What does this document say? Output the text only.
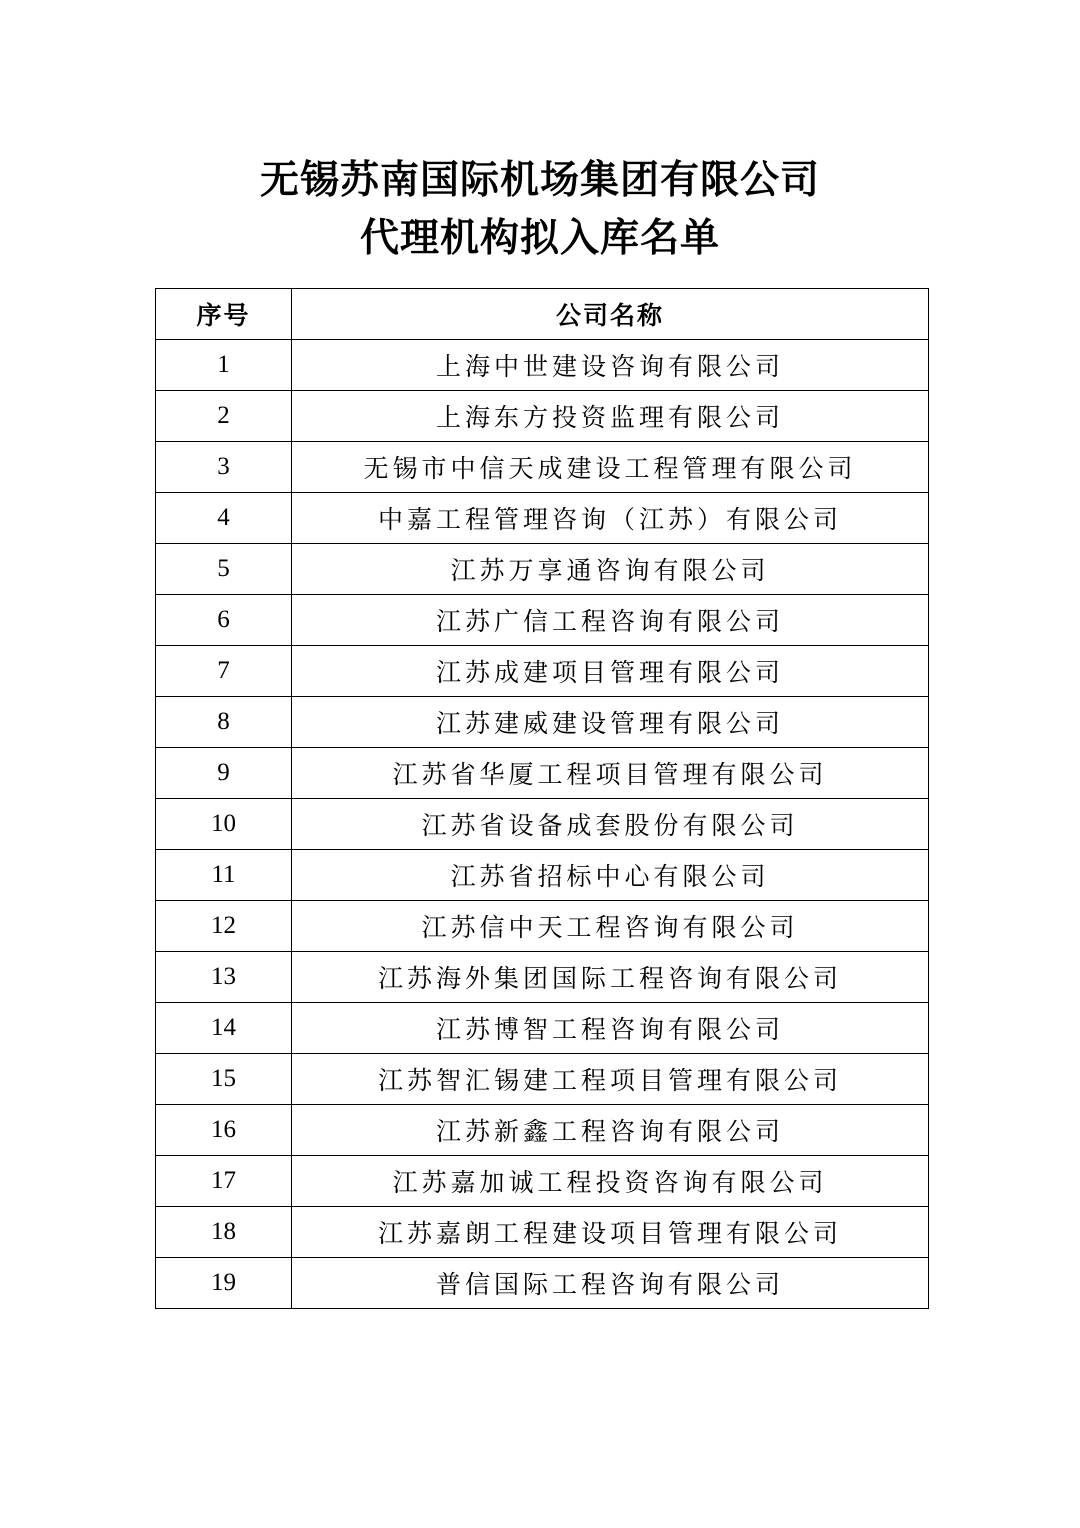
无锡苏南国际机场集团有限公司
代理机构拟入库名单
序号	公司名称
1	上海中世建设咨询有限公司
2	上海东方投资监理有限公司
3	无锡市中信天成建设工程管理有限公司
4	中嘉工程管理咨询（江苏）有限公司
5	江苏万享通咨询有限公司
6	江苏广信工程咨询有限公司
7	江苏成建项目管理有限公司
8	江苏建威建设管理有限公司
9	江苏省华厦工程项目管理有限公司
10	江苏省设备成套股份有限公司
11	江苏省招标中心有限公司
12	江苏信中天工程咨询有限公司
13	江苏海外集团国际工程咨询有限公司
14	江苏博智工程咨询有限公司
15	江苏智汇锡建工程项目管理有限公司
16	江苏新鑫工程咨询有限公司
17	江苏嘉加诚工程投资咨询有限公司
18	江苏嘉朗工程建设项目管理有限公司
19	普信国际工程咨询有限公司
